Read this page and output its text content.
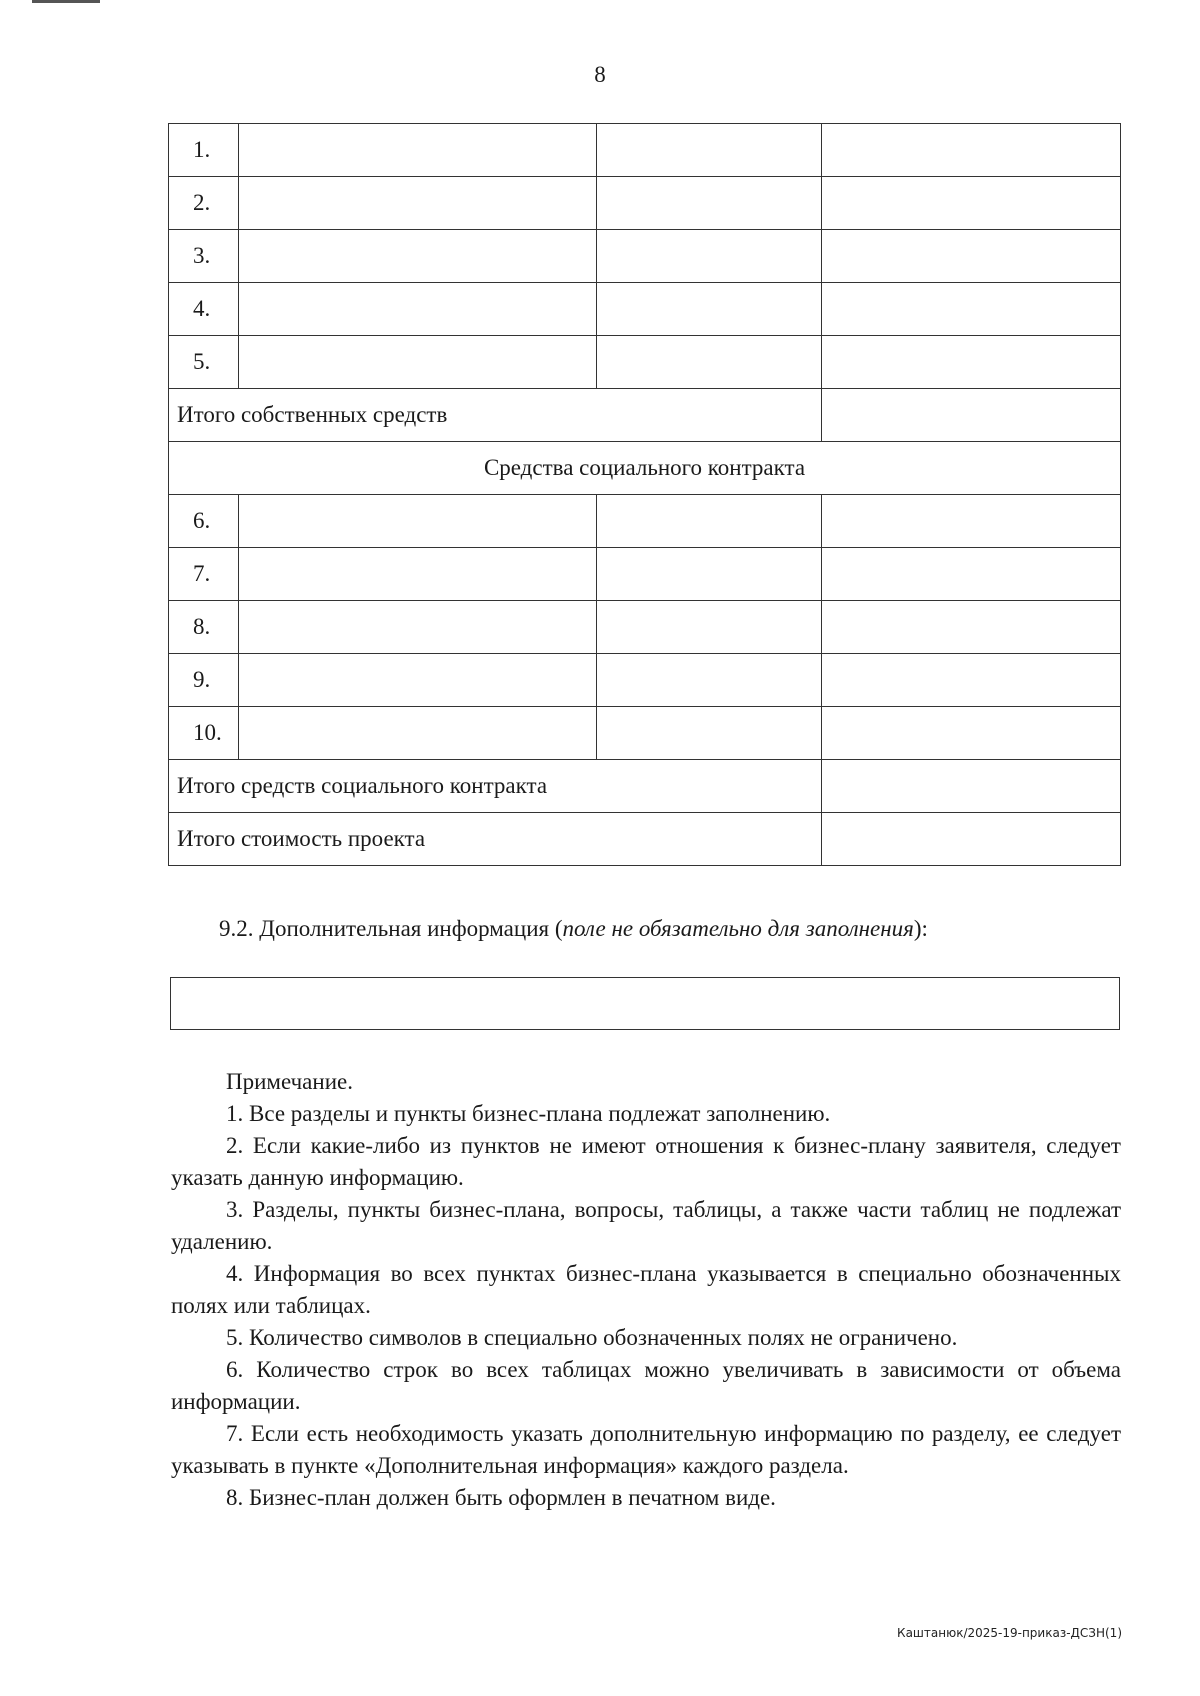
8
1.			
2.			
3.			
4.			
5.			
Итого собственных средств			
Средства социального контракта			
6.			
7.			
8.			
9.			
10.			
Итого средств социального контракта			
Итого стоимость проекта			
9.2. Дополнительная информация (поле не обязательно для заполнения):
Примечание.

1. Все разделы и пункты бизнес-плана подлежат заполнению.

2. Если какие-либо из пунктов не имеют отношения к бизнес-плану заявителя, следует указать данную информацию.

3. Разделы, пункты бизнес-плана, вопросы, таблицы, а также части таблиц не подлежат удалению.

4. Информация во всех пунктах бизнес-плана указывается в специально обозначенных полях или таблицах.

5. Количество символов в специально обозначенных полях не ограничено.

6. Количество строк во всех таблицах можно увеличивать в зависимости от объема информации.

7. Если есть необходимость указать дополнительную информацию по разделу, ее следует указывать в пункте «Дополнительная информация» каждого раздела.

8. Бизнес-план должен быть оформлен в печатном виде.

Каштанюк/2025-19-приказ-ДСЗН(1)
